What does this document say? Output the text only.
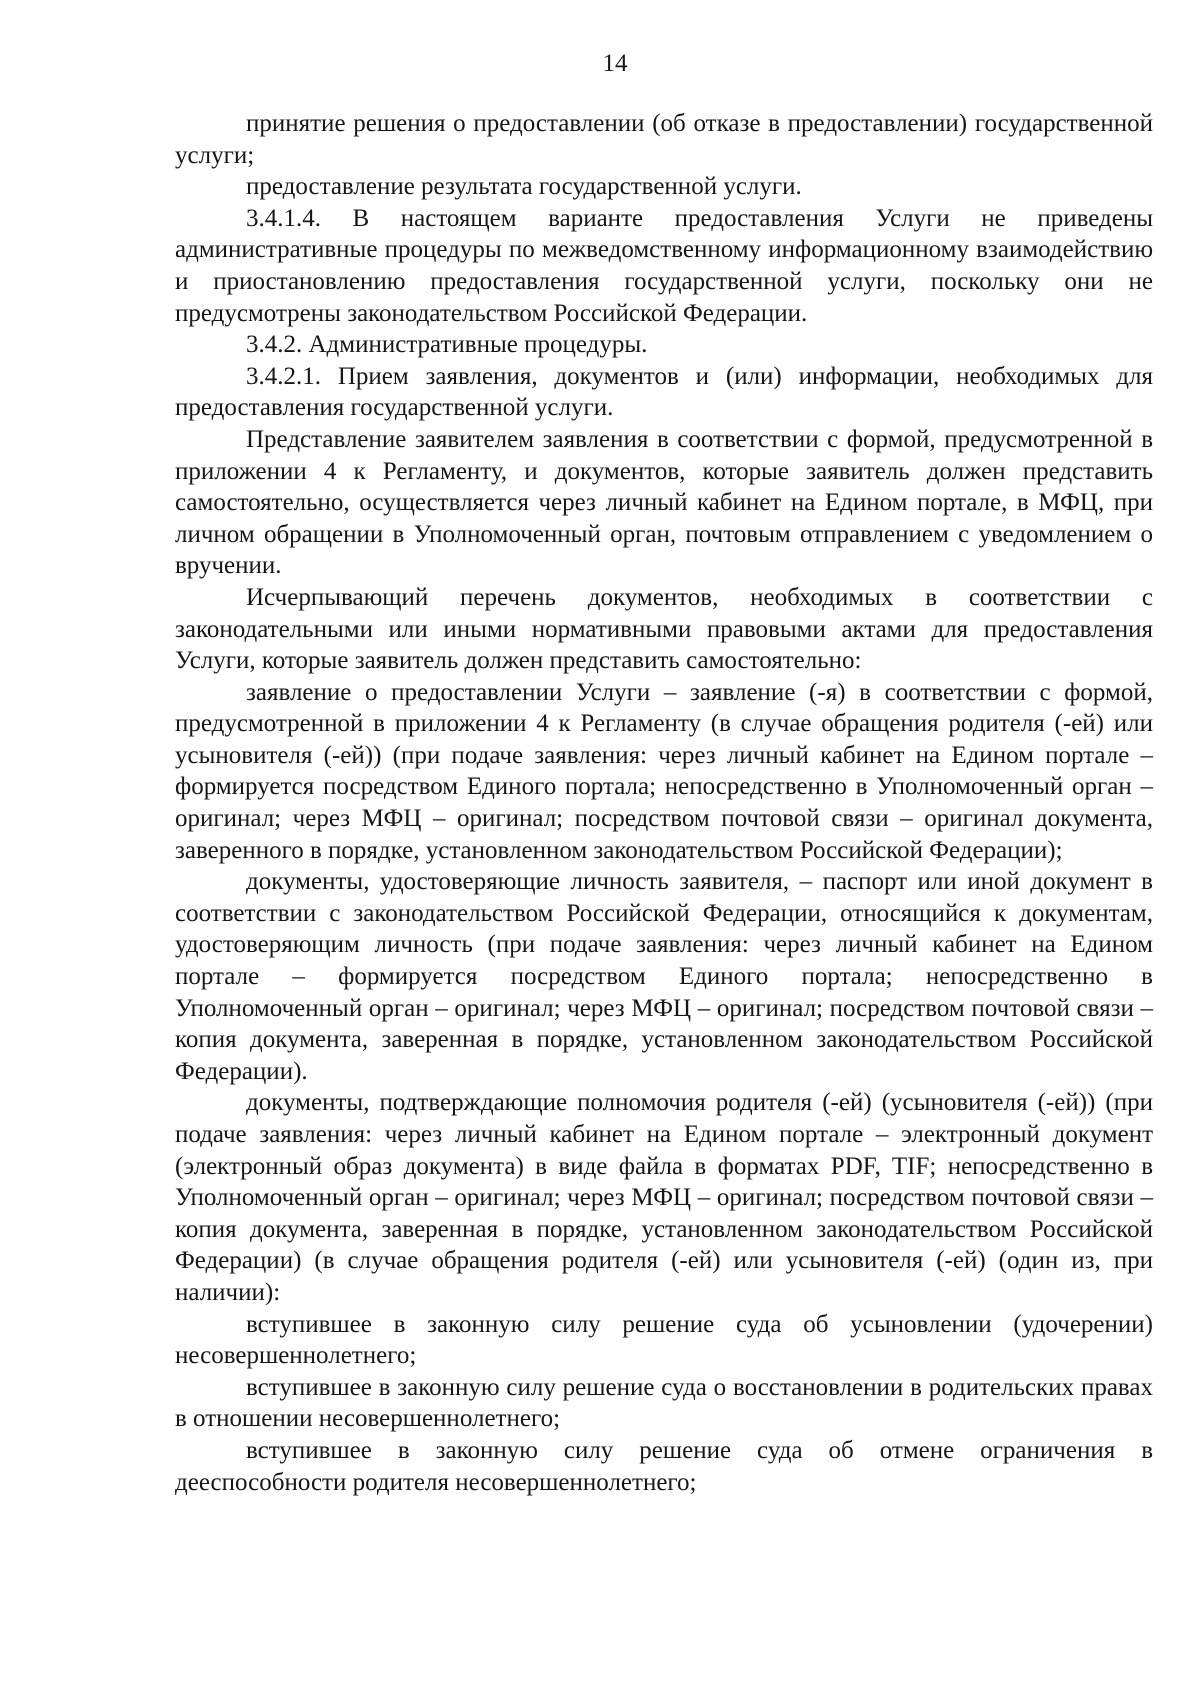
14

принятие решения о предоставлении (об отказе в предоставлении) государственной услуги;

предоставление результата государственной услуги.

3.4.1.4. В настоящем варианте предоставления Услуги не приведены административные процедуры по межведомственному информационному взаимодействию и приостановлению предоставления государственной услуги, поскольку они не предусмотрены законодательством Российской Федерации.

3.4.2. Административные процедуры.

3.4.2.1. Прием заявления, документов и (или) информации, необходимых для предоставления государственной услуги.

Представление заявителем заявления в соответствии с формой, предусмотренной в приложении 4 к Регламенту, и документов, которые заявитель должен представить самостоятельно, осуществляется через личный кабинет на Едином портале, в МФЦ, при личном обращении в Уполномоченный орган, почтовым отправлением с уведомлением о вручении.

Исчерпывающий перечень документов, необходимых в соответствии с законодательными или иными нормативными правовыми актами для предоставления Услуги, которые заявитель должен представить самостоятельно:

заявление о предоставлении Услуги – заявление (-я) в соответствии с формой, предусмотренной в приложении 4 к Регламенту (в случае обращения родителя (-ей) или усыновителя (-ей)) (при подаче заявления: через личный кабинет на Едином портале – формируется посредством Единого портала; непосредственно в Уполномоченный орган – оригинал; через МФЦ – оригинал; посредством почтовой связи – оригинал документа, заверенного в порядке, установленном законодательством Российской Федерации);

документы, удостоверяющие личность заявителя, – паспорт или иной документ в соответствии с законодательством Российской Федерации, относящийся к документам, удостоверяющим личность (при подаче заявления: через личный кабинет на Едином портале – формируется посредством Единого портала; непосредственно в Уполномоченный орган – оригинал; через МФЦ – оригинал; посредством почтовой связи – копия документа, заверенная в порядке, установленном законодательством Российской Федерации).

документы, подтверждающие полномочия родителя (-ей) (усыновителя (-ей)) (при подаче заявления: через личный кабинет на Едином портале – электронный документ (электронный образ документа) в виде файла в форматах PDF, TIF; непосредственно в Уполномоченный орган – оригинал; через МФЦ – оригинал; посредством почтовой связи – копия документа, заверенная в порядке, установленном законодательством Российской Федерации) (в случае обращения родителя (-ей) или усыновителя (-ей) (один из, при наличии):

вступившее в законную силу решение суда об усыновлении (удочерении) несовершеннолетнего;

вступившее в законную силу решение суда о восстановлении в родительских правах в отношении несовершеннолетнего;

вступившее в законную силу решение суда об отмене ограничения в дееспособности родителя несовершеннолетнего;
